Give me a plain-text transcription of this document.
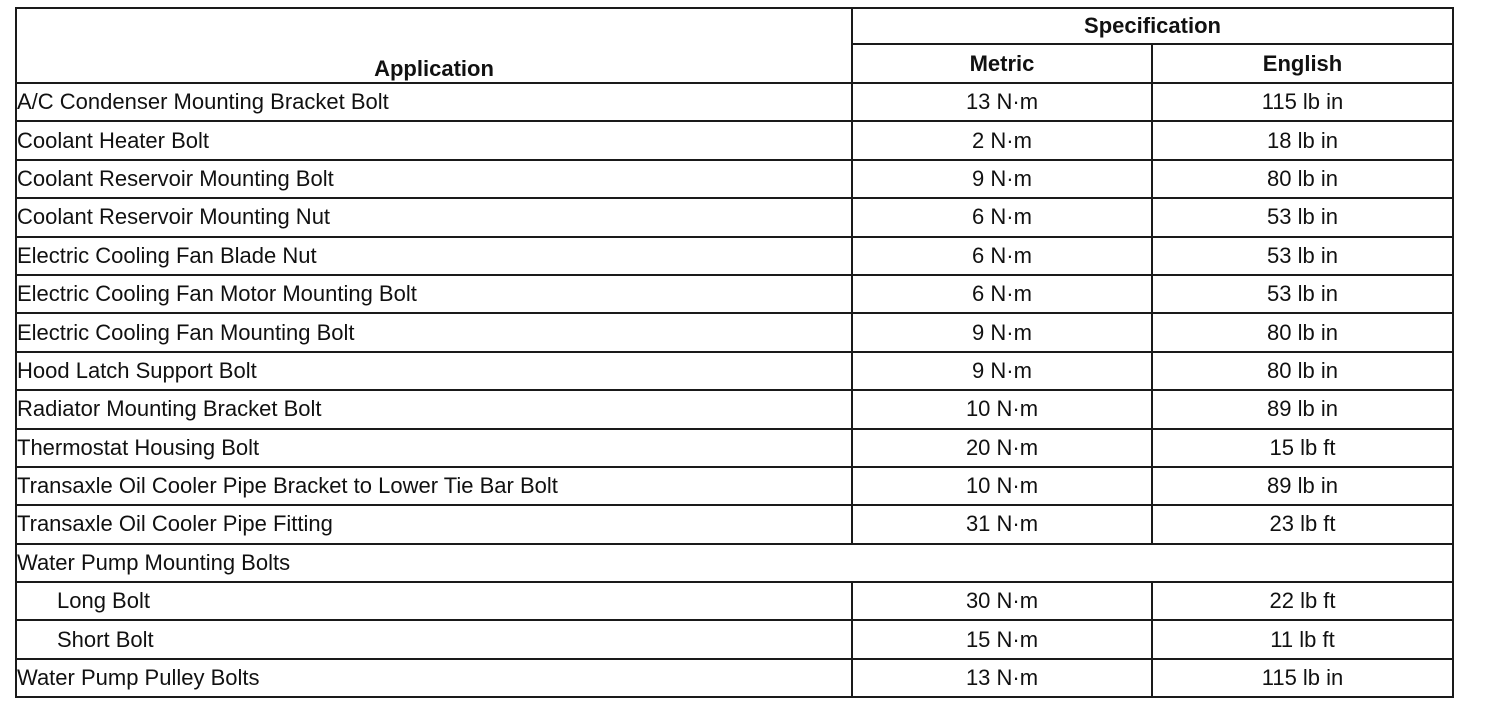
Application	Specification	
	Metric	English
A/C Condenser Mounting Bracket Bolt	13 N·m	115 lb in
Coolant Heater Bolt	2 N·m	18 lb in
Coolant Reservoir Mounting Bolt	9 N·m	80 lb in
Coolant Reservoir Mounting Nut	6 N·m	53 lb in
Electric Cooling Fan Blade Nut	6 N·m	53 lb in
Electric Cooling Fan Motor Mounting Bolt	6 N·m	53 lb in
Electric Cooling Fan Mounting Bolt	9 N·m	80 lb in
Hood Latch Support Bolt	9 N·m	80 lb in
Radiator Mounting Bracket Bolt	10 N·m	89 lb in
Thermostat Housing Bolt	20 N·m	15 lb ft
Transaxle Oil Cooler Pipe Bracket to Lower Tie Bar Bolt	10 N·m	89 lb in
Transaxle Oil Cooler Pipe Fitting	31 N·m	23 lb ft
Water Pump Mounting Bolts		
Long Bolt	30 N·m	22 lb ft
Short Bolt	15 N·m	11 lb ft
Water Pump Pulley Bolts	13 N·m	115 lb in
